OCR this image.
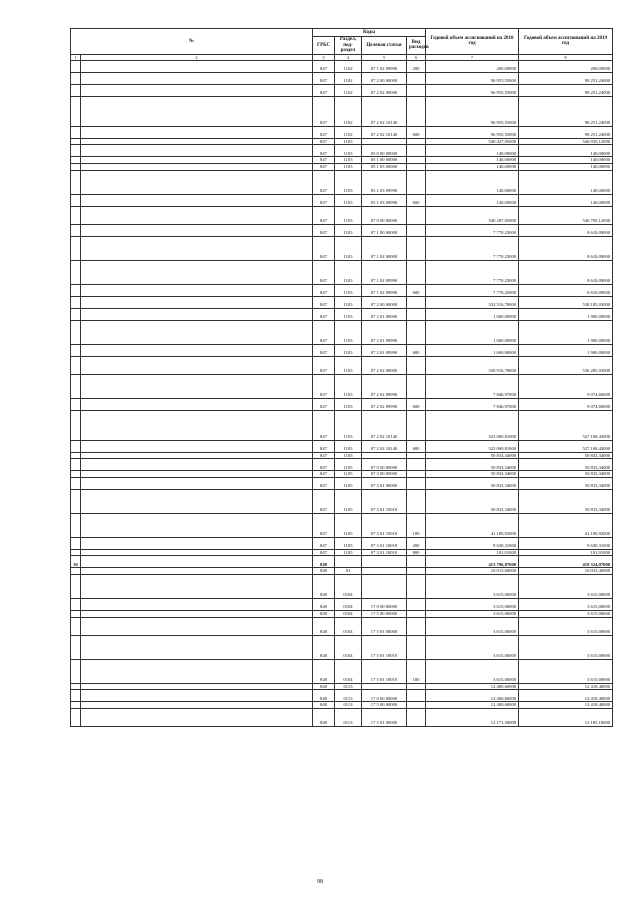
№		Коды				Годовой объем ассигнований на 2018 год	Годовой объем ассигнований на 2019 год
		ГРБС	Раздел, под-раздел	Целевая статья	Вид расходов		
1	2	3	4	5	6	7	8
		847	1102	07 1 02 09990	200	200,00000	200,00000
		847	1102	07 2 00 00000		96 955,55000	98 251,24000
		847	1102	07 2 02 00000		96 955,55000	98 251,24000
		847	1102	07 2 02 10140		96 955,55000	98 251,24000
		847	1102	07 2 02 10140	600	96 955,55000	98 251,24000
		847	1103			540 427,05000	546 935,12000
		847	1103	05 0 00 00000		140,00000	140,00000
		847	1103	05 1 00 00000		140,00000	140,00000
		847	1103	05 1 03 00000		140,00000	140,00000
		847	1103	05 1 03 09990		140,00000	140,00000
		847	1103	05 1 03 09990	600	140,00000	140,00000
		847	1103	07 0 00 00000		540 287,05000	546 795,12000
		847	1103	07 1 00 00000		7 770,25000	8 610,09000
		847	1103	07 1 02 00000		7 770,25000	8 610,09000
		847	1103	07 1 02 09990		7 770,25000	8 610,09000
		847	1103	07 1 02 09990	600	7 770,25000	8 610,09000
		847	1103	07 2 00 00000		532 516,78000	538 185,03000
		847	1103	07 2 01 00000		1 600,00000	1 900,00000
		847	1103	07 2 01 09990		1 600,00000	1 900,00000
		847	1103	07 2 01 09990	600	1 600,00000	1 900,00000
		847	1103	07 2 02 00000		530 916,78000	536 285,03000
		847	1103	07 2 02 09990		7 846,97000	9 074,60000
		847	1103	07 2 02 09990	600	7 846,97000	9 074,60000
		847	1103	07 2 02 10140		523 069,81000	527 168,43000
		847	1103	07 2 02 10140	600	523 069,81000	527 168,43000
		847	1105			50 833,34000	50 833,34000
		847	1105	07 0 00 00000		50 833,34000	50 833,34000
		847	1105	07 3 00 00000		50 833,34000	50 833,34000
		847	1105	07 3 01 00000		50 833,34000	50 833,34000
		847	1105	07 3 01 10010		50 833,34000	50 833,34000
		847	1105	07 3 01 10010	100	41 100,92000	41 100,92000
		847	1105	07 3 01 10010	200	9 630,31000	9 630,31000
		847	1105	07 3 01 10010	800	101,91000	101,91000
36		848				413 796,87000	418 324,97000
		848	01			16 015,60000	16 033,40000
		848	0104			3 615,00000	3 615,00000
		848	0104	17 0 00 00000		3 615,00000	3 615,00000
		848	0104	17 5 00 00000		3 615,00000	3 615,00000
		848	0104	17 5 01 00000		3 615,00000	3 615,00000
		848	0104	17 5 01 10010		3 615,00000	3 615,00000
		848	0104	17 5 01 10010	100	3 615,00000	3 615,00000
		848	0113			12 400,60000	12 418,40000
		848	0113	17 0 00 00000		12 400,60000	12 418,40000
		848	0113	17 5 00 00000		12 400,60000	12 418,40000
		848	0113	17 5 01 00000		12 171,50000	12 185,10000
98
